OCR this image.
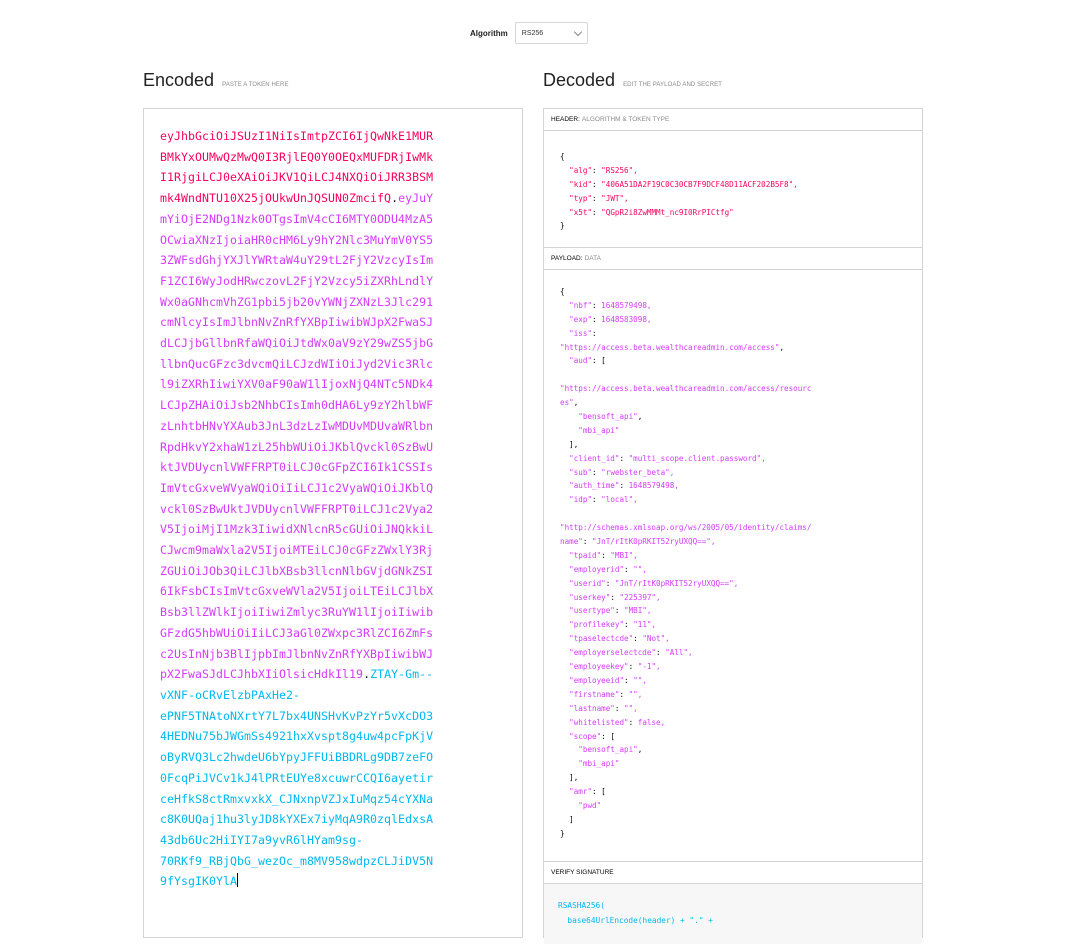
Algorithm RS256
Encoded PASTE A TOKEN HERE	Decoded EDIT THE PAYLOAD AND SECRET
eyJhbGciOiJSUzI1NiIsImtpZCI6IjQwNkE1MUR
BMkYxOUMwQzMwQ0I3RjlEQ0Y0OEQxMUFDRjIwMk
I1RjgiLCJ0eXAiOiJKV1QiLCJ4NXQiOiJRR3BSM
mk4WndNTU10X25jOUkwUnJQSUN0ZmcifQ.eyJuY
mYiOjE2NDg1Nzk0OTgsImV4cCI6MTY0ODU4MzA5
OCwiaXNzIjoiaHR0cHM6Ly9hY2Nlc3MuYmV0YS5
3ZWFsdGhjYXJlYWRtaW4uY29tL2FjY2VzcyIsIm
F1ZCI6WyJodHRwczovL2FjY2Vzcy5iZXRhLndlY
Wx0aGNhcmVhZG1pbi5jb20vYWNjZXNzL3Jlc291
cmNlcyIsImJlbnNvZnRfYXBpIiwibWJpX2FwaSJ
dLCJjbGllbnRfaWQiOiJtdWx0aV9zY29wZS5jbG
llbnQucGFzc3dvcmQiLCJzdWIiOiJyd2Vic3Rlc
l9iZXRhIiwiYXV0aF90aW1lIjoxNjQ4NTc5NDk4
LCJpZHAiOiJsb2NhbCIsImh0dHA6Ly9zY2hlbWF
zLnhtbHNvYXAub3JnL3dzLzIwMDUvMDUvaWRlbn
RpdHkvY2xhaW1zL25hbWUiOiJKblQvckl0SzBwU
ktJVDUycnlVWFFRPT0iLCJ0cGFpZCI6Ik1CSSIs
ImVtcGxveWVyaWQiOiIiLCJ1c2VyaWQiOiJKblQ
vckl0SzBwUktJVDUycnlVWFFRPT0iLCJ1c2Vya2
V5IjoiMjI1Mzk3IiwidXNlcnR5cGUiOiJNQkkiL
CJwcm9maWxla2V5IjoiMTEiLCJ0cGFzZWxlY3Rj
ZGUiOiJOb3QiLCJlbXBsb3llcnNlbGVjdGNkZSI
6IkFsbCIsImVtcGxveWVla2V5IjoiLTEiLCJlbX
Bsb3llZWlkIjoiIiwiZmlyc3RuYW1lIjoiIiwib
GFzdG5hbWUiOiIiLCJ3aGl0ZWxpc3RlZCI6ZmFs
c2UsInNjb3BlIjpbImJlbnNvZnRfYXBpIiwibWJ
pX2FwaSJdLCJhbXIiOlsicHdkIl19.ZTAY-Gm--
vXNF-oCRvElzbPAxHe2-
ePNF5TNAtoNXrtY7L7bx4UNSHvKvPzYr5vXcDO3
4HEDNu75bJWGmSs4921hxXvspt8g4uw4pcFpKjV
oByRVQ3Lc2hwdeU6bYpyJFFUiBBDRLg9DB7zeFO
0FcqPiJVCv1kJ4lPRtEUYe8xcuwrCCQI6ayetir
ceHfkS8ctRmxvxkX_CJNxnpVZJxIuMqz54cYXNa
c8K0UQaj1hu3lyJD8kYXEx7iyMqA9R0zqlEdxsA
43db6Uc2HiIYI7a9yvR6lHYam9sg-
70RKf9_RBjQbG_wezOc_m8MV958wdpzCLJiDV5N
9fYsgIK0YlA
HEADER: ALGORITHM & TOKEN TYPE
{
"alg": "RS256",
"kid": "406A51DA2F19C0C30CB7F9DCF48D11ACF202B5F8",
"typ": "JWT",
"x5t": "QGpR2i8ZwMMMt_nc9I0RrPICtfg"
}
PAYLOAD: DATA
{
"nbf": 1648579498,
"exp": 1648583098,
"iss":
"https://access.beta.wealthcareadmin.com/access",
"aud": [
"https://access.beta.wealthcareadmin.com/access/resourc
es",
"bensoft_api",
"mbi_api"
],
"client_id": "multi_scope.client.password",
"sub": "rwebster_beta",
"auth_time": 1648579498,
"idp": "local",
"http://schemas.xmlsoap.org/ws/2005/05/identity/claims/
name": "JnT/rItK0pRKIT52ryUXQQ==",
"tpaid": "MBI",
"employerid": "",
"userid": "JnT/rItK0pRKIT52ryUXQQ==",
"userkey": "225397",
"usertype": "MBI",
"profilekey": "11",
"tpaselectcde": "Not",
"employerselectcde": "All",
"employeekey": "-1",
"employeeid": "",
"firstname": "",
"lastname": "",
"whitelisted": false,
"scope": [
"bensoft_api",
"mbi_api"
],
"amr": [
"pwd"
]
}
VERIFY SIGNATURE
RSASHA256(
base64UrlEncode(header) + "." +
